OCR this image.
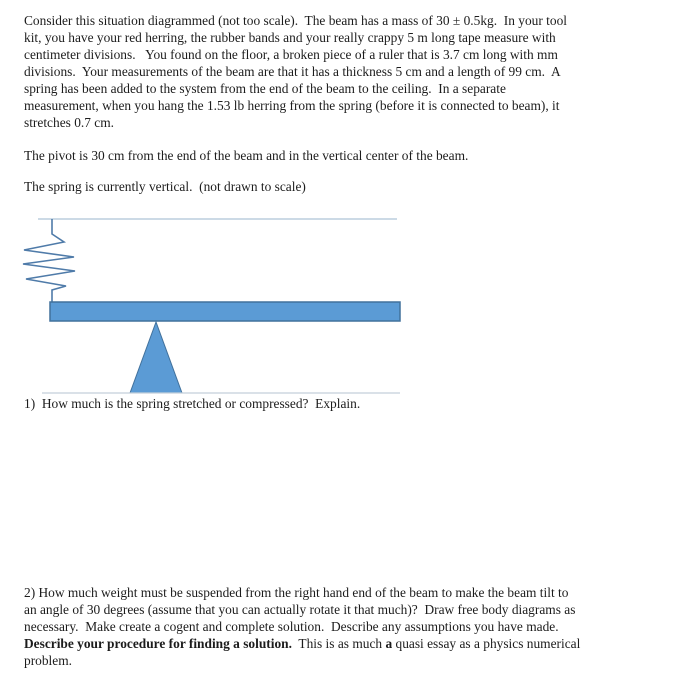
Consider this situation diagrammed (not too scale).  The beam has a mass of 30 ± 0.5kg.  In your tool
kit, you have your red herring, the rubber bands and your really crappy 5 m long tape measure with
centimeter divisions.   You found on the floor, a broken piece of a ruler that is 3.7 cm long with mm
divisions.  Your measurements of the beam are that it has a thickness 5 cm and a length of 99 cm.  A
spring has been added to the system from the end of the beam to the ceiling.  In a separate
measurement, when you hang the 1.53 lb herring from the spring (before it is connected to beam), it
stretches 0.7 cm.

The pivot is 30 cm from the end of the beam and in the vertical center of the beam.

The spring is currently vertical.  (not drawn to scale)

1)  How much is the spring stretched or compressed?  Explain.

2) How much weight must be suspended from the right hand end of the beam to make the beam tilt to
an angle of 30 degrees (assume that you can actually rotate it that much)?  Draw free body diagrams as
necessary.  Make create a cogent and complete solution.  Describe any assumptions you have made.
Describe your procedure for finding a solution.  This is as much a quasi essay as a physics numerical
problem.
